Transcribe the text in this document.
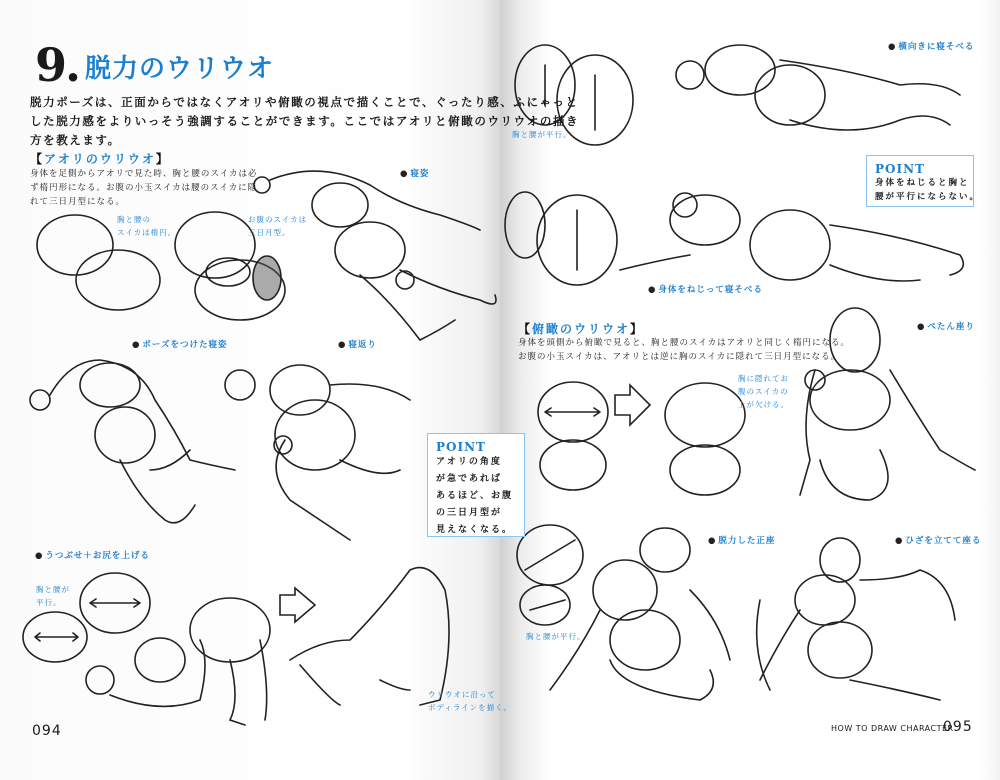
9. 脱力のウリウオ
脱力ポーズは、正面からではなくアオリや俯瞰の視点で描くことで、ぐったり感、ふにゃっと
した脱力感をよりいっそう強調することができます。ここではアオリと俯瞰のウリウオの描き
方を教えます。
【アオリのウリウオ】
身体を足側からアオリで見た時、胸と腰のスイカは必
ず楕円形になる。お腹の小玉スイカは腰のスイカに隠
れて三日月型になる。
胸と腰の
スイカは楕円。
お腹のスイカは
三日月型。
● 寝姿
● ポーズをつけた寝姿	● 寝返り
POINT
アオリの角度
が急であれば
あるほど、お腹
の三日月型が
見えなくなる。
● うつぶせ＋お尻を上げる
胸と腰が
平行。
ウリウオに沿って
ボディラインを描く。
094
● 横向きに寝そべる
胸と腰が平行。
POINT
身体をねじると胸と
腰が平行にならない。
● 身体をねじって寝そべる
【俯瞰のウリウオ】
身体を頭側から俯瞰で見ると、胸と腰のスイカはアオリと同じく楕円になる。
お腹の小玉スイカは、アオリとは逆に胸のスイカに隠れて三日月型になる。
● ぺたん座り
胸に隠れてお
腹のスイカの
上が欠ける。
● 脱力した正座	● ひざを立てて座る
胸と腰が平行。
HOW TO DRAW CHARACTER
095
